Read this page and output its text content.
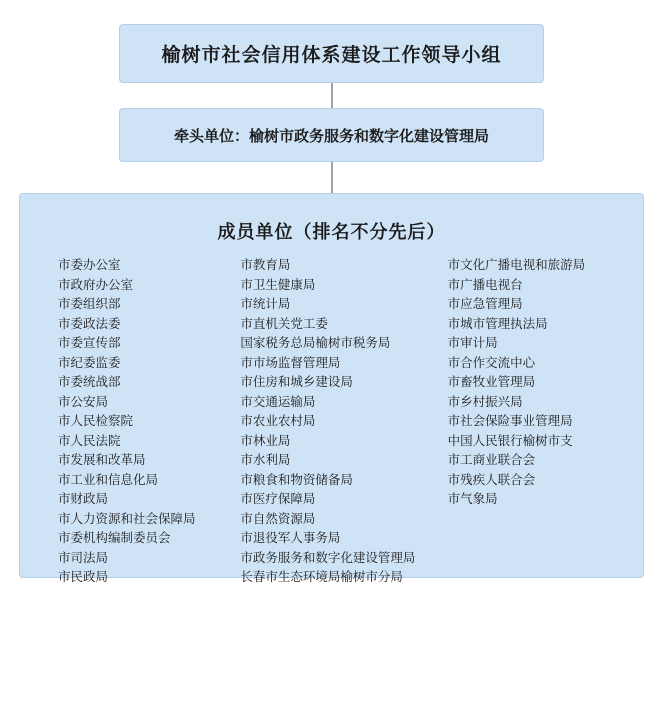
榆树市社会信用体系建设工作领导小组
牵头单位：榆树市政务服务和数字化建设管理局
成员单位（排名不分先后）
市委办公室
市政府办公室
市委组织部
市委政法委
市委宣传部
市纪委监委
市委统战部
市公安局
市人民检察院
市人民法院
市发展和改革局
市工业和信息化局
市财政局
市人力资源和社会保障局
市委机构编制委员会
市司法局
市民政局
市教育局
市卫生健康局
市统计局
市直机关党工委
国家税务总局榆树市税务局
市市场监督管理局
市住房和城乡建设局
市交通运输局
市农业农村局
市林业局
市水利局
市粮食和物资储备局
市医疗保障局
市自然资源局
市退役军人事务局
市政务服务和数字化建设管理局
长春市生态环境局榆树市分局
市文化广播电视和旅游局
市广播电视台
市应急管理局
市城市管理执法局
市审计局
市合作交流中心
市畜牧业管理局
市乡村振兴局
市社会保险事业管理局
中国人民银行榆树市支
市工商业联合会
市残疾人联合会
市气象局
